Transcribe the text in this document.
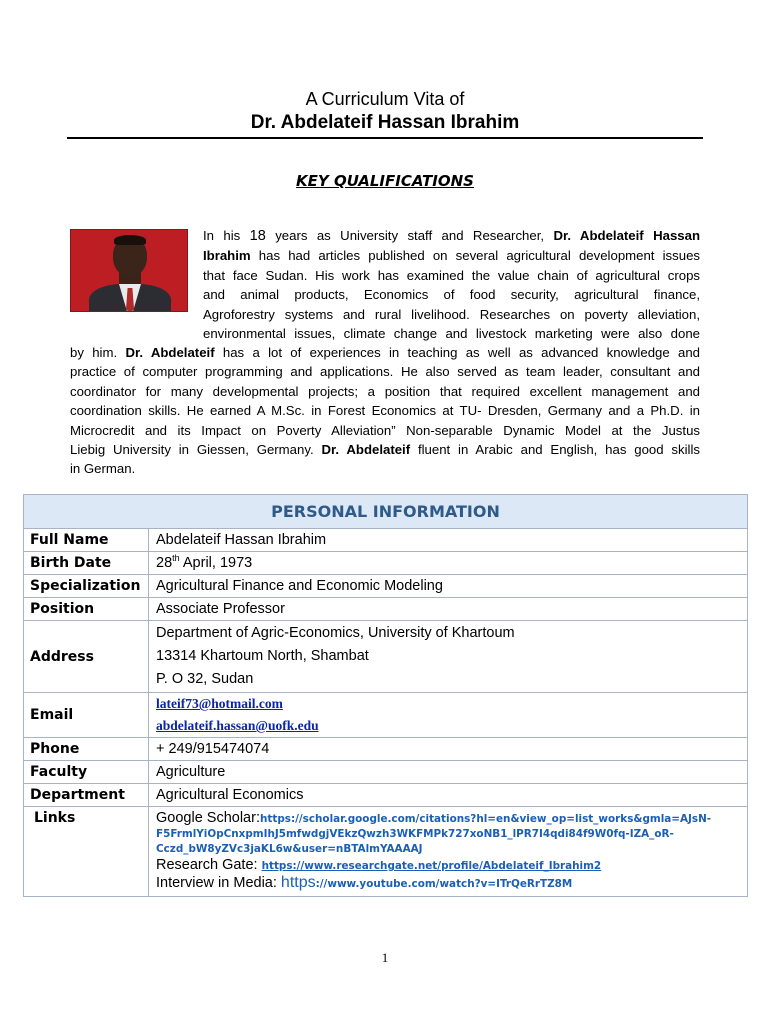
A Curriculum Vita of
Dr. Abdelateif Hassan Ibrahim
KEY QUALIFICATIONS
In his 18 years as University staff and Researcher, Dr. Abdelateif Hassan
Ibrahim has had articles published on several agricultural development issues
that face Sudan. His work has examined the value chain of agricultural crops
and animal products, Economics of food security, agricultural finance,
Agroforestry systems and rural livelihood. Researches on poverty alleviation,
environmental issues, climate change and livestock marketing were also done
by him. Dr. Abdelateif has a lot of experiences in teaching as well as advanced knowledge and
practice of computer programming and applications. He also served as team leader, consultant and
coordinator for many developmental projects; a position that required excellent management and
coordination skills. He earned A M.Sc. in Forest Economics at TU- Dresden, Germany and a Ph.D. in
Microcredit and its Impact on Poverty Alleviation” Non-separable Dynamic Model at the Justus
Liebig University in Giessen, Germany. Dr. Abdelateif fluent in Arabic and English, has good skills
in German.
PERSONAL INFORMATION	
Full Name	Abdelateif Hassan Ibrahim
Birth Date	28th April, 1973
Specialization	Agricultural Finance and Economic Modeling
Position	Associate Professor
Address	Department of Agric-Economics, University of Khartoum
13314 Khartoum North, Shambat
P. O 32, Sudan

Email	lateif73@hotmail.com
abdelateif.hassan@uofk.edu

Phone	+ 249/915474074
Faculty	Agriculture
Department	Agricultural Economics
Links	Google Scholar:https://scholar.google.com/citations?hl=en&view_op=list_works&gmla=AJsN-
F5FrmlYiOpCnxpmIhJ5mfwdgjVEkzQwzh3WKFMPk727xoNB1_lPR7I4qdi84f9W0fq-IZA_oR-
Cczd_bW8yZVc3jaKL6w&user=nBTAlmYAAAAJ
Research Gate: https://www.researchgate.net/profile/Abdelateif_Ibrahim2
Interview in Media: https://www.youtube.com/watch?v=ITrQeRrTZ8M
1
